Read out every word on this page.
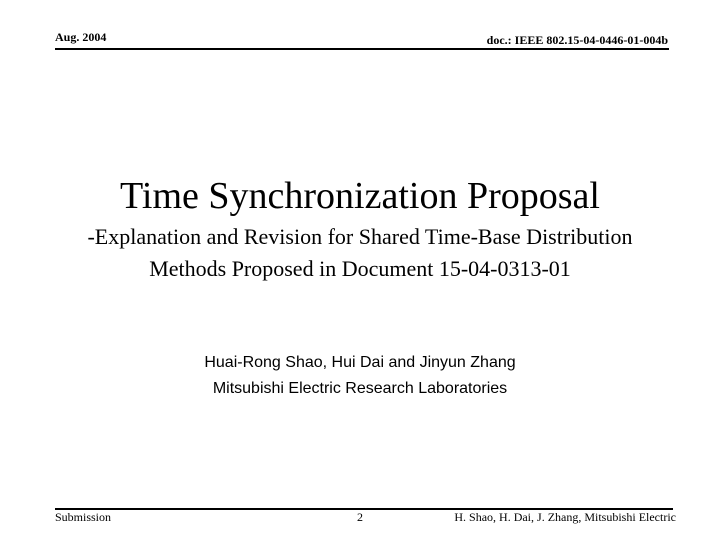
Aug. 2004	doc.: IEEE 802.15-04-0446-01-004b
Time Synchronization Proposal
-Explanation and Revision for Shared Time-Base Distribution
Methods Proposed in Document 15-04-0313-01
Huai-Rong Shao, Hui Dai and Jinyun Zhang
Mitsubishi Electric Research Laboratories
Submission	2	H. Shao, H. Dai, J. Zhang, Mitsubishi Electric
